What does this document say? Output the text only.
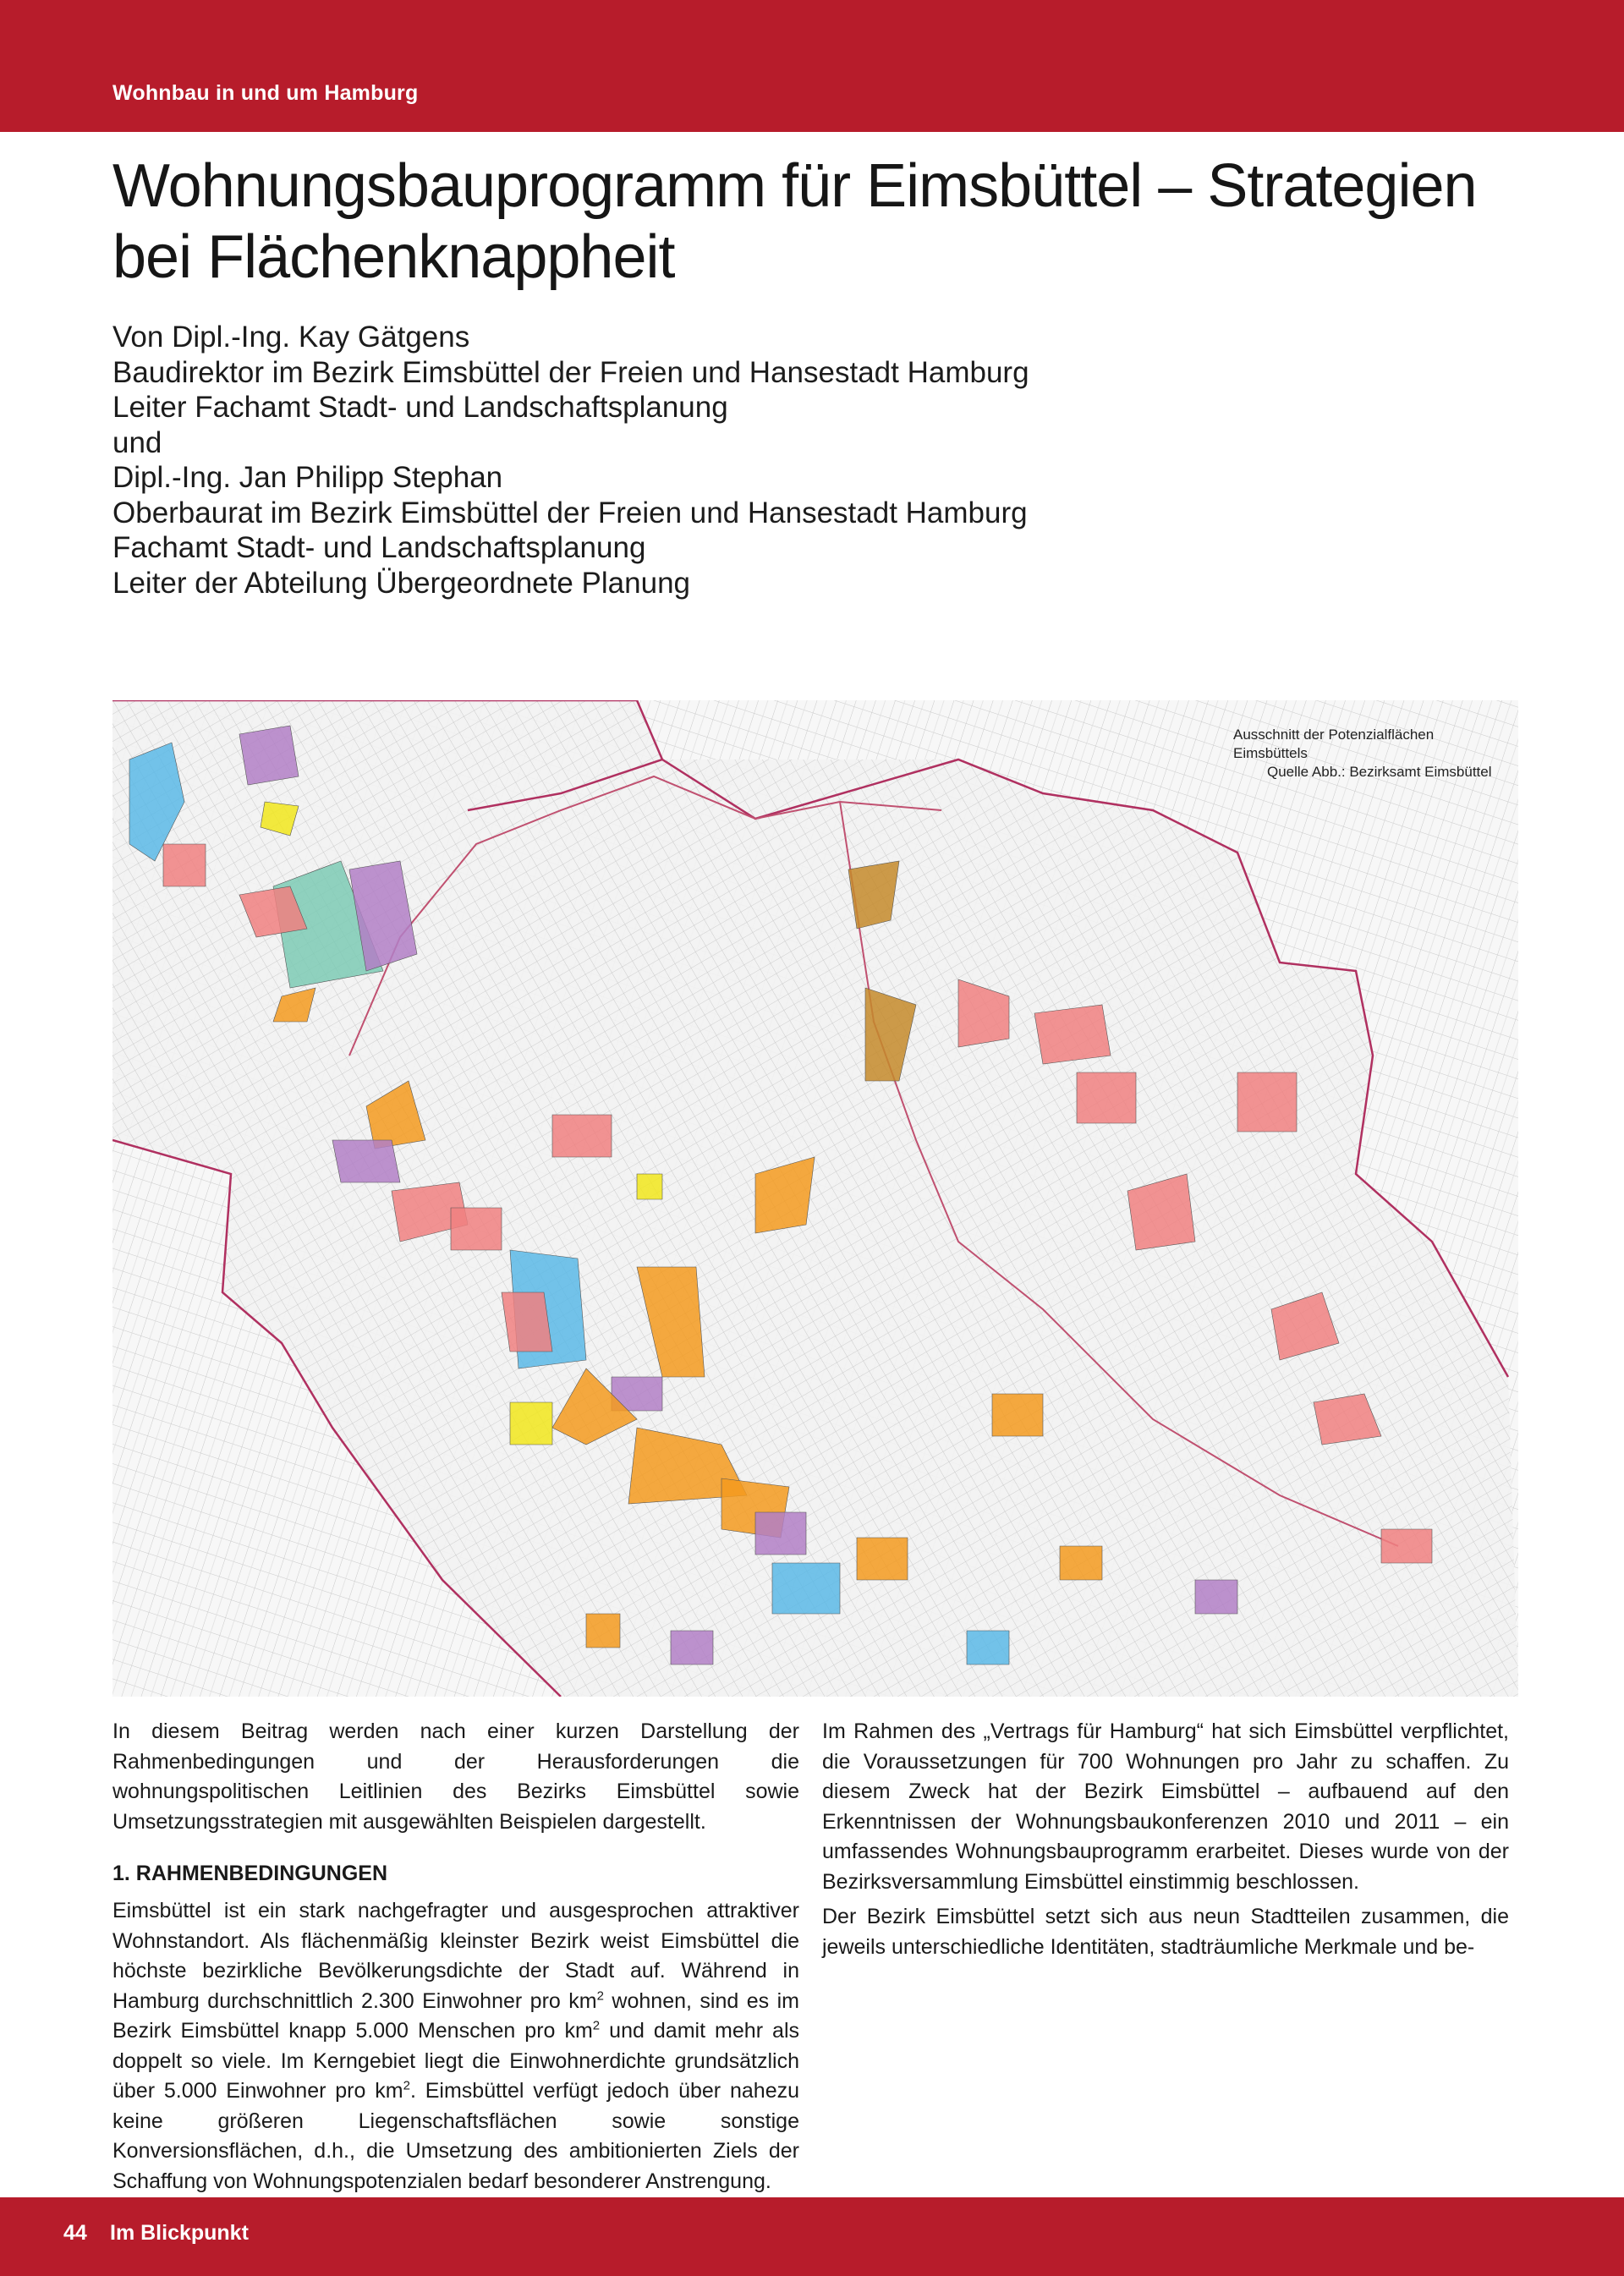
Wohnbau in und um Hamburg
Wohnungsbauprogramm für Eimsbüttel – Strategien
bei Flächenknappheit
Von Dipl.-Ing. Kay Gätgens
Baudirektor im Bezirk Eimsbüttel der Freien und Hansestadt Hamburg
Leiter Fachamt Stadt- und Landschaftsplanung
und
Dipl.-Ing. Jan Philipp Stephan
Oberbaurat im Bezirk Eimsbüttel der Freien und Hansestadt Hamburg
Fachamt Stadt- und Landschaftsplanung
Leiter der Abteilung Übergeordnete Planung
Ausschnitt der Potenzialflächen
Eimsbüttels

Quelle Abb.: Bezirksamt Eimsbüttel

In diesem Beitrag werden nach einer kurzen Darstellung der Rahmenbedingungen und der Herausforderungen die wohnungspolitischen Leitlinien des Bezirks Eimsbüttel sowie Umsetzungsstrategien mit ausgewählten Beispielen dargestellt.

1. RAHMENBEDINGUNGEN

Eimsbüttel ist ein stark nachgefragter und ausgesprochen attraktiver Wohnstandort. Als flächenmäßig kleinster Bezirk weist Eimsbüttel die höchste bezirkliche Bevölkerungsdichte der Stadt auf. Während in Hamburg durchschnittlich 2.300 Einwohner pro $km^2$ wohnen, sind es im Bezirk Eimsbüttel knapp 5.000 Menschen pro $km^2$ und damit mehr als doppelt so viele. Im Kerngebiet liegt die Einwohnerdichte grundsätzlich über 5.000 Einwohner pro $km^2$. Eimsbüttel verfügt jedoch über nahezu keine größeren Liegenschaftsflächen sowie sonstige Konversionsflächen, d.h., die Umsetzung des ambitionierten Ziels der Schaffung von Wohnungspotenzialen bedarf besonderer Anstrengung.

Im Rahmen des „Vertrags für Hamburg“ hat sich Eimsbüttel verpflichtet, die Voraussetzungen für 700 Wohnungen pro Jahr zu schaffen. Zu diesem Zweck hat der Bezirk Eimsbüttel – aufbauend auf den Erkenntnissen der Wohnungsbaukonferenzen 2010 und 2011 – ein umfassendes Wohnungsbauprogramm erarbeitet. Dieses wurde von der Bezirksversammlung Eimsbüttel einstimmig beschlossen.

Der Bezirk Eimsbüttel setzt sich aus neun Stadtteilen zusammen, die jeweils unterschiedliche Identitäten, stadträumliche Merkmale und be-

44 Im Blickpunkt
